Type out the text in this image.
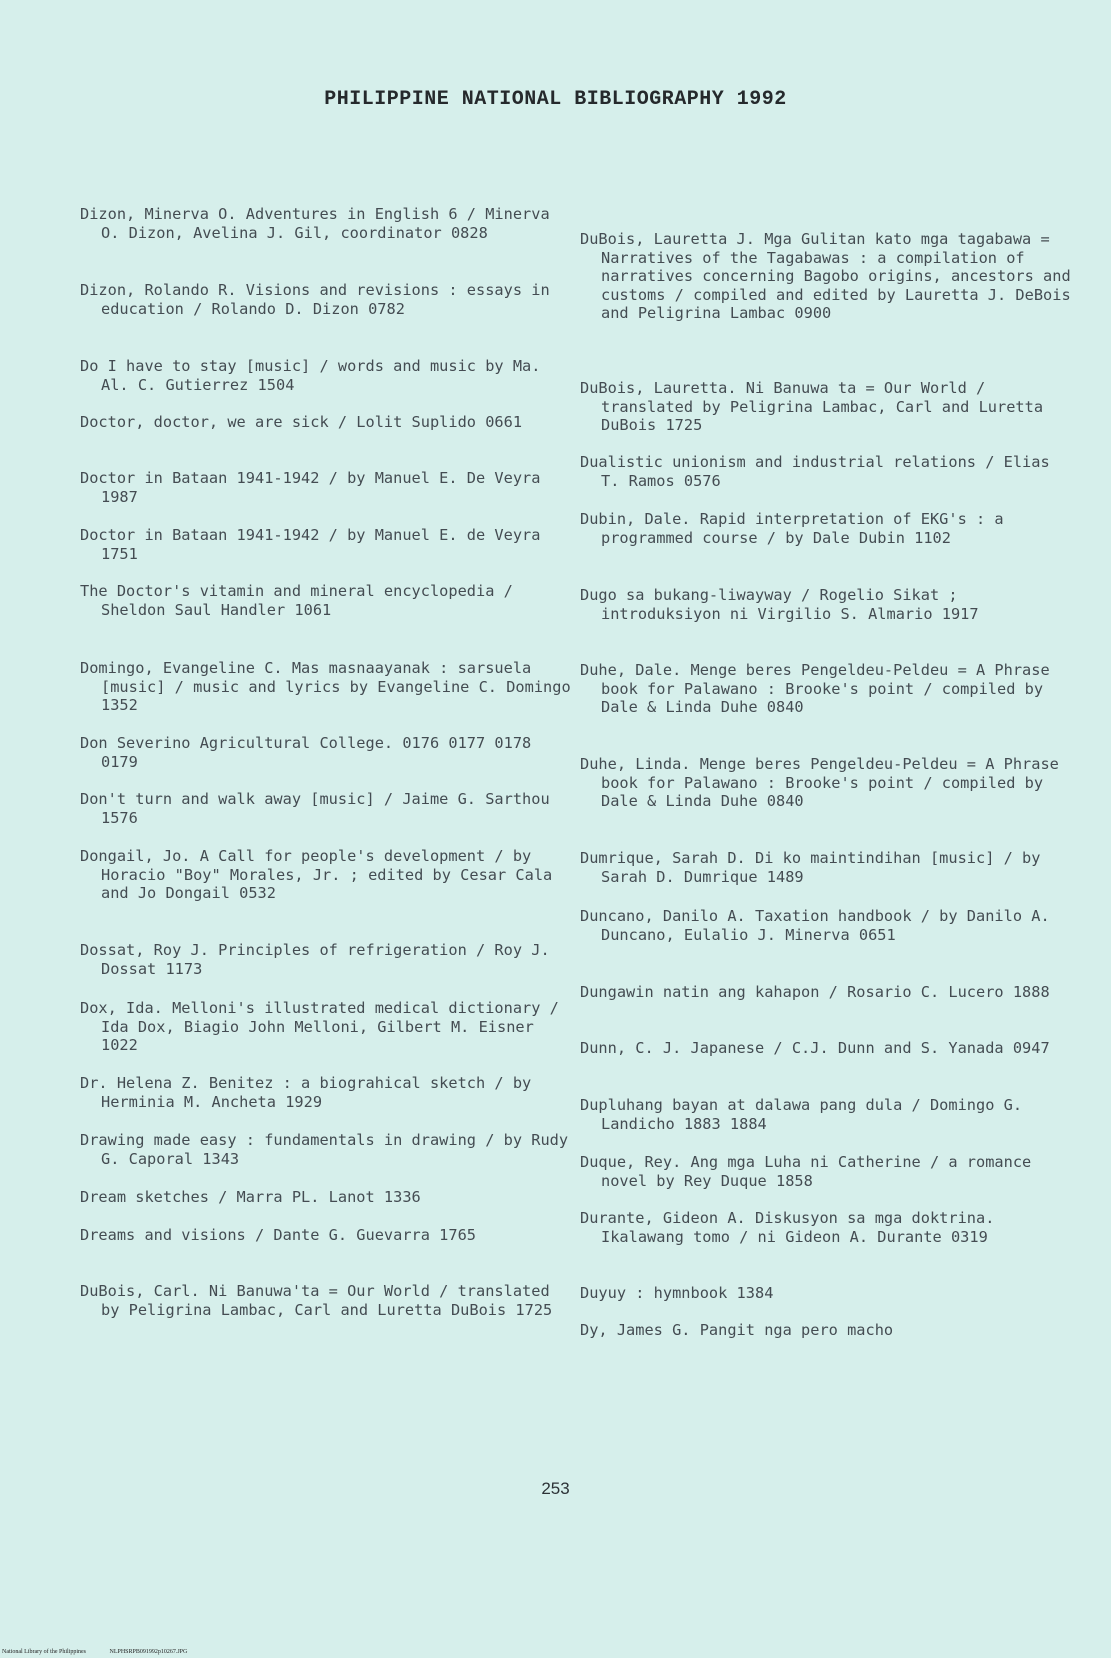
PHILIPPINE NATIONAL BIBLIOGRAPHY 1992
Dizon, Minerva O. Adventures in English 6 / Minerva O. Dizon, Avelina J. Gil, coordinator 0828
Dizon, Rolando R. Visions and revisions : essays in education / Rolando D. Dizon 0782
Do I have to stay [music] / words and music by Ma. Al. C. Gutierrez 1504
Doctor, doctor, we are sick / Lolit Suplido 0661
Doctor in Bataan 1941-1942 / by Manuel E. De Veyra 1987
Doctor in Bataan 1941-1942 / by Manuel E. de Veyra 1751
The Doctor's vitamin and mineral encyclopedia / Sheldon Saul Handler 1061
Domingo, Evangeline C. Mas masnaayanak : sarsuela [music] / music and lyrics by Evangeline C. Domingo 1352
Don Severino Agricultural College. 0176 0177 0178 0179
Don't turn and walk away [music] / Jaime G. Sarthou 1576
Dongail, Jo. A Call for people's development / by Horacio "Boy" Morales, Jr. ; edited by Cesar Cala and Jo Dongail 0532
Dossat, Roy J. Principles of refrigeration / Roy J. Dossat 1173
Dox, Ida. Melloni's illustrated medical dictionary / Ida Dox, Biagio John Melloni, Gilbert M. Eisner 1022
Dr. Helena Z. Benitez : a biograhical sketch / by Herminia M. Ancheta 1929
Drawing made easy : fundamentals in drawing / by Rudy G. Caporal 1343
Dream sketches / Marra PL. Lanot 1336
Dreams and visions / Dante G. Guevarra 1765
DuBois, Carl. Ni Banuwa'ta = Our World / translated by Peligrina Lambac, Carl and Luretta DuBois 1725
DuBois, Lauretta J. Mga Gulitan kato mga tagabawa = Narratives of the Tagabawas : a compilation of narratives concerning Bagobo origins, ancestors and customs / compiled and edited by Lauretta J. DeBois and Peligrina Lambac 0900
DuBois, Lauretta. Ni Banuwa ta = Our World / translated by Peligrina Lambac, Carl and Luretta DuBois 1725
Dualistic unionism and industrial relations / Elias T. Ramos 0576
Dubin, Dale. Rapid interpretation of EKG's : a programmed course / by Dale Dubin 1102
Dugo sa bukang-liwayway / Rogelio Sikat ; introduksiyon ni Virgilio S. Almario 1917
Duhe, Dale. Menge beres Pengeldeu-Peldeu = A Phrase book for Palawano : Brooke's point / compiled by Dale & Linda Duhe 0840
Duhe, Linda. Menge beres Pengeldeu-Peldeu = A Phrase book for Palawano : Brooke's point / compiled by Dale & Linda Duhe 0840
Dumrique, Sarah D. Di ko maintindihan [music] / by Sarah D. Dumrique 1489
Duncano, Danilo A. Taxation handbook / by Danilo A. Duncano, Eulalio J. Minerva 0651
Dungawin natin ang kahapon / Rosario C. Lucero 1888
Dunn, C. J. Japanese / C.J. Dunn and S. Yanada 0947
Dupluhang bayan at dalawa pang dula / Domingo G. Landicho 1883 1884
Duque, Rey. Ang mga Luha ni Catherine / a romance novel by Rey Duque 1858
Durante, Gideon A. Diskusyon sa mga doktrina. Ikalawang tomo / ni Gideon A. Durante 0319
Duyuy : hymnbook 1384
Dy, James G. Pangit nga pero macho
253
National Library of the Philippines	NLPHSRPB091992p10267.JPG
